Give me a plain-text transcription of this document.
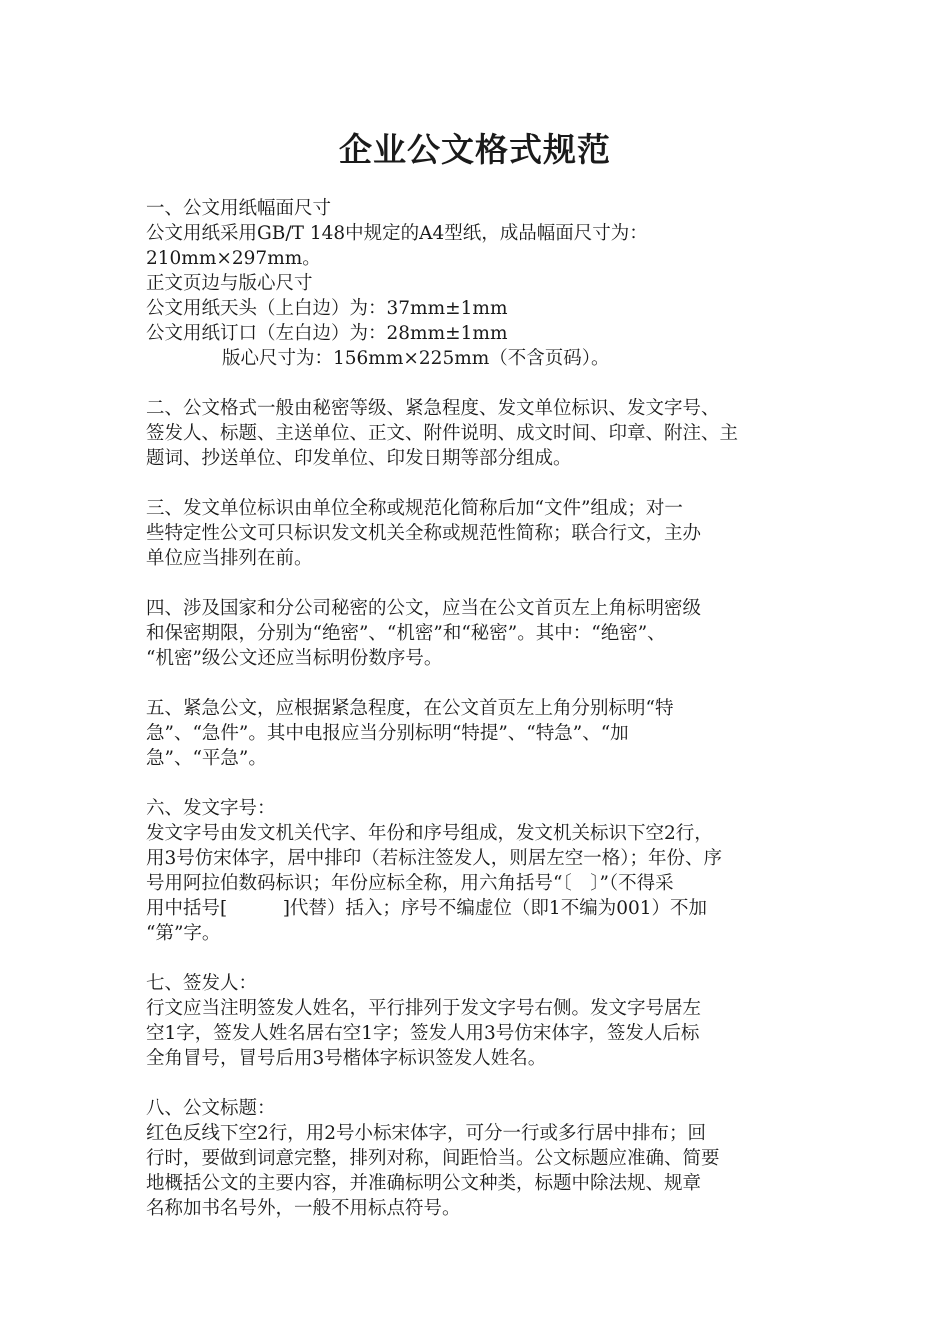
企业公文格式规范

一、公文用纸幅面尺寸

公文用纸采用GB/T 148中规定的A4型纸，成品幅面尺寸为：

210mm×297mm。

正文页边与版心尺寸

公文用纸天头（上白边）为：37mm±1mm

公文用纸订口（左白边）为：28mm±1mm

版心尺寸为：156mm×225mm（不含页码）。

二、公文格式一般由秘密等级、紧急程度、发文单位标识、发文字号、

签发人、标题、主送单位、正文、附件说明、成文时间、印章、附注、主

题词、抄送单位、印发单位、印发日期等部分组成。

三、发文单位标识由单位全称或规范化简称后加“文件”组成；对一

些特定性公文可只标识发文机关全称或规范性简称；联合行文，主办

单位应当排列在前。

四、涉及国家和分公司秘密的公文，应当在公文首页左上角标明密级

和保密期限，分别为“绝密”、“机密”和“秘密”。其中：“绝密”、

“机密”级公文还应当标明份数序号。

五、紧急公文，应根据紧急程度，在公文首页左上角分别标明“特

急”、“急件”。其中电报应当分别标明“特提”、“特急”、“加

急”、“平急”。

六、发文字号：

发文字号由发文机关代字、年份和序号组成，发文机关标识下空2行，

用3号仿宋体字，居中排印（若标注签发人，则居左空一格）；年份、序

号用阿拉伯数码标识；年份应标全称，用六角括号“〔　〕”（不得采

用中括号[　　　]代替）括入；序号不编虚位（即1不编为001）不加

“第”字。

七、签发人：

行文应当注明签发人姓名，平行排列于发文字号右侧。发文字号居左

空1字，签发人姓名居右空1字；签发人用3号仿宋体字，签发人后标

全角冒号，冒号后用3号楷体字标识签发人姓名。

八、公文标题：

红色反线下空2行，用2号小标宋体字，可分一行或多行居中排布；回

行时，要做到词意完整，排列对称，间距恰当。公文标题应准确、简要

地概括公文的主要内容，并准确标明公文种类，标题中除法规、规章

名称加书名号外，一般不用标点符号。
